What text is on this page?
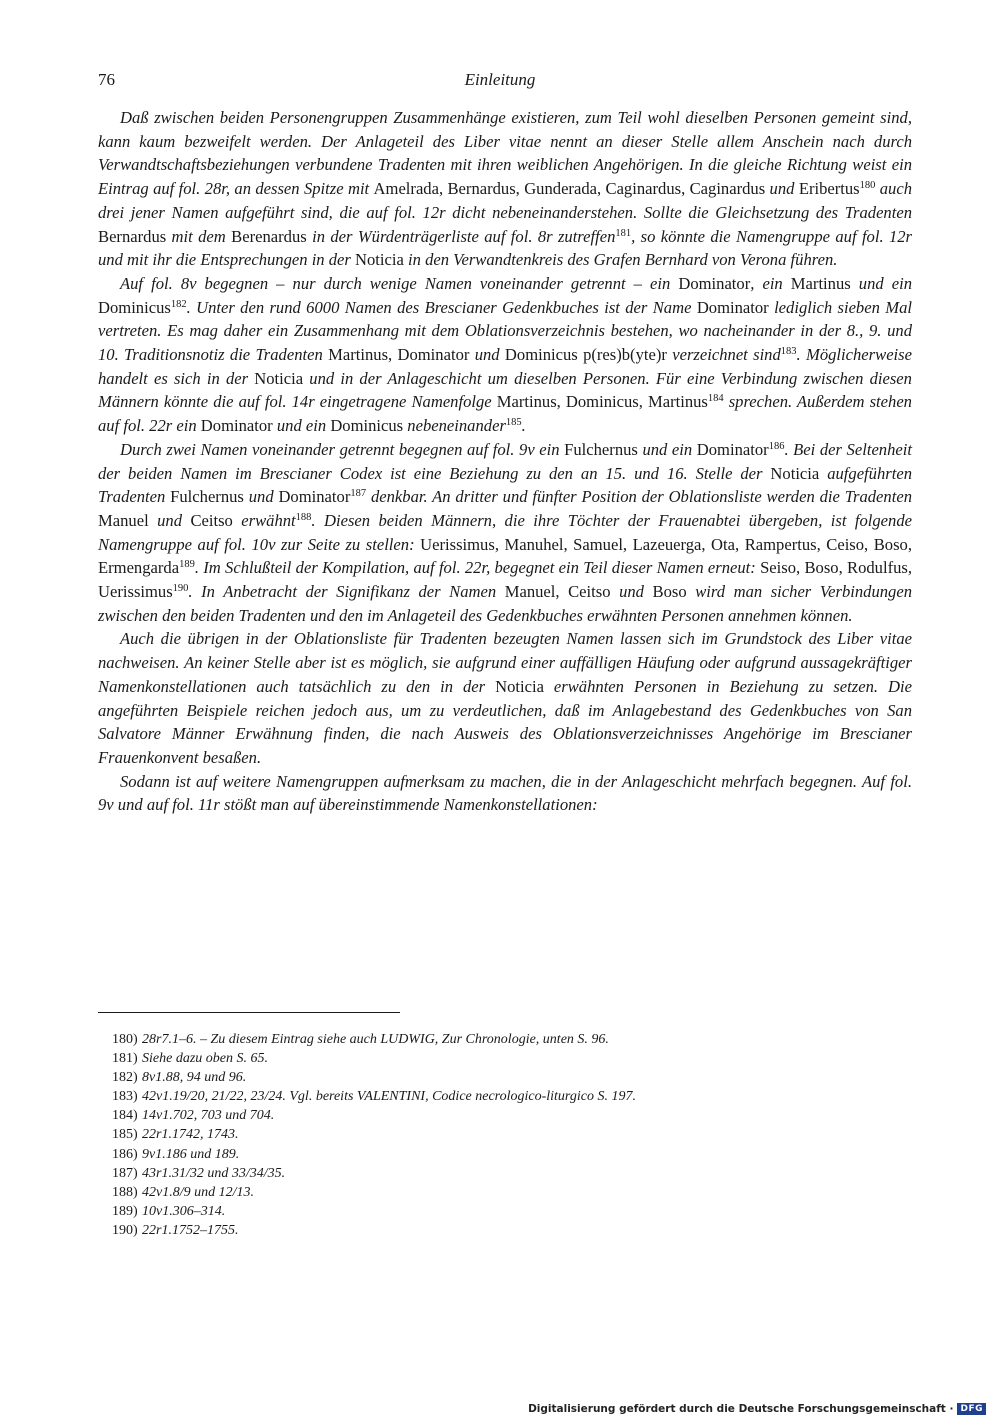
76	Einleitung

Daß zwischen beiden Personengruppen Zusammenhänge existieren, zum Teil wohl dieselben Personen gemeint sind, kann kaum bezweifelt werden. Der Anlageteil des Liber vitae nennt an dieser Stelle allem Anschein nach durch Verwandtschaftsbeziehungen verbundene Tradenten mit ihren weiblichen Angehörigen. In die gleiche Richtung weist ein Eintrag auf fol. 28r, an dessen Spitze mit Amelrada, Bernardus, Gunderada, Caginardus, Caginardus und Eribertus$^{180}$ auch drei jener Namen aufgeführt sind, die auf fol. 12r dicht nebeneinanderstehen. Sollte die Gleichsetzung des Tradenten Bernardus mit dem Berenardus in der Würdenträgerliste auf fol. 8r zutreffen$^{181}$, so könnte die Namengruppe auf fol. 12r und mit ihr die Entsprechungen in der Noticia in den Verwandtenkreis des Grafen Bernhard von Verona führen.

Auf fol. 8v begegnen – nur durch wenige Namen voneinander getrennt – ein Dominator, ein Martinus und ein Dominicus$^{182}$. Unter den rund 6000 Namen des Brescianer Gedenkbuches ist der Name Dominator lediglich sieben Mal vertreten. Es mag daher ein Zusammenhang mit dem Oblationsverzeichnis bestehen, wo nacheinander in der 8., 9. und 10. Traditionsnotiz die Tradenten Martinus, Dominator und Dominicus p(res)b(yte)r verzeichnet sind$^{183}$. Möglicherweise handelt es sich in der Noticia und in der Anlageschicht um dieselben Personen. Für eine Verbindung zwischen diesen Männern könnte die auf fol. 14r eingetragene Namenfolge Martinus, Dominicus, Martinus$^{184}$ sprechen. Außerdem stehen auf fol. 22r ein Dominator und ein Dominicus nebeneinander$^{185}$.

Durch zwei Namen voneinander getrennt begegnen auf fol. 9v ein Fulchernus und ein Dominator$^{186}$. Bei der Seltenheit der beiden Namen im Brescianer Codex ist eine Beziehung zu den an 15. und 16. Stelle der Noticia aufgeführten Tradenten Fulchernus und Dominator$^{187}$ denkbar. An dritter und fünfter Position der Oblationsliste werden die Tradenten Manuel und Ceitso erwähnt$^{188}$. Diesen beiden Männern, die ihre Töchter der Frauenabtei übergeben, ist folgende Namengruppe auf fol. 10v zur Seite zu stellen: Uerissimus, Manuhel, Samuel, Lazeuerga, Ota, Rampertus, Ceiso, Boso, Ermengarda$^{189}$. Im Schlußteil der Kompilation, auf fol. 22r, begegnet ein Teil dieser Namen erneut: Seiso, Boso, Rodulfus, Uerissimus$^{190}$. In Anbetracht der Signifikanz der Namen Manuel, Ceitso und Boso wird man sicher Verbindungen zwischen den beiden Tradenten und den im Anlageteil des Gedenkbuches erwähnten Personen annehmen können.

Auch die übrigen in der Oblationsliste für Tradenten bezeugten Namen lassen sich im Grundstock des Liber vitae nachweisen. An keiner Stelle aber ist es möglich, sie aufgrund einer auffälligen Häufung oder aufgrund aussagekräftiger Namenkonstellationen auch tatsächlich zu den in der Noticia erwähnten Personen in Beziehung zu setzen. Die angeführten Beispiele reichen jedoch aus, um zu verdeutlichen, daß im Anlagebestand des Gedenkbuches von San Salvatore Männer Erwähnung finden, die nach Ausweis des Oblationsverzeichnisses Angehörige im Brescianer Frauenkonvent besaßen.

Sodann ist auf weitere Namengruppen aufmerksam zu machen, die in der Anlageschicht mehrfach begegnen. Auf fol. 9v und auf fol. 11r stößt man auf übereinstimmende Namenkonstellationen:

180) 28r7.1–6. – Zu diesem Eintrag siehe auch LUDWIG, Zur Chronologie, unten S. 96.
181) Siehe dazu oben S. 65.
182) 8v1.88, 94 und 96.
183) 42v1.19/20, 21/22, 23/24. Vgl. bereits VALENTINI, Codice necrologico-liturgico S. 197.
184) 14v1.702, 703 und 704.
185) 22r1.1742, 1743.
186) 9v1.186 und 189.
187) 43r1.31/32 und 33/34/35.
188) 42v1.8/9 und 12/13.
189) 10v1.306–314.
190) 22r1.1752–1755.
Digitalisierung gefördert durch die Deutsche Forschungsgemeinschaft · DFG
